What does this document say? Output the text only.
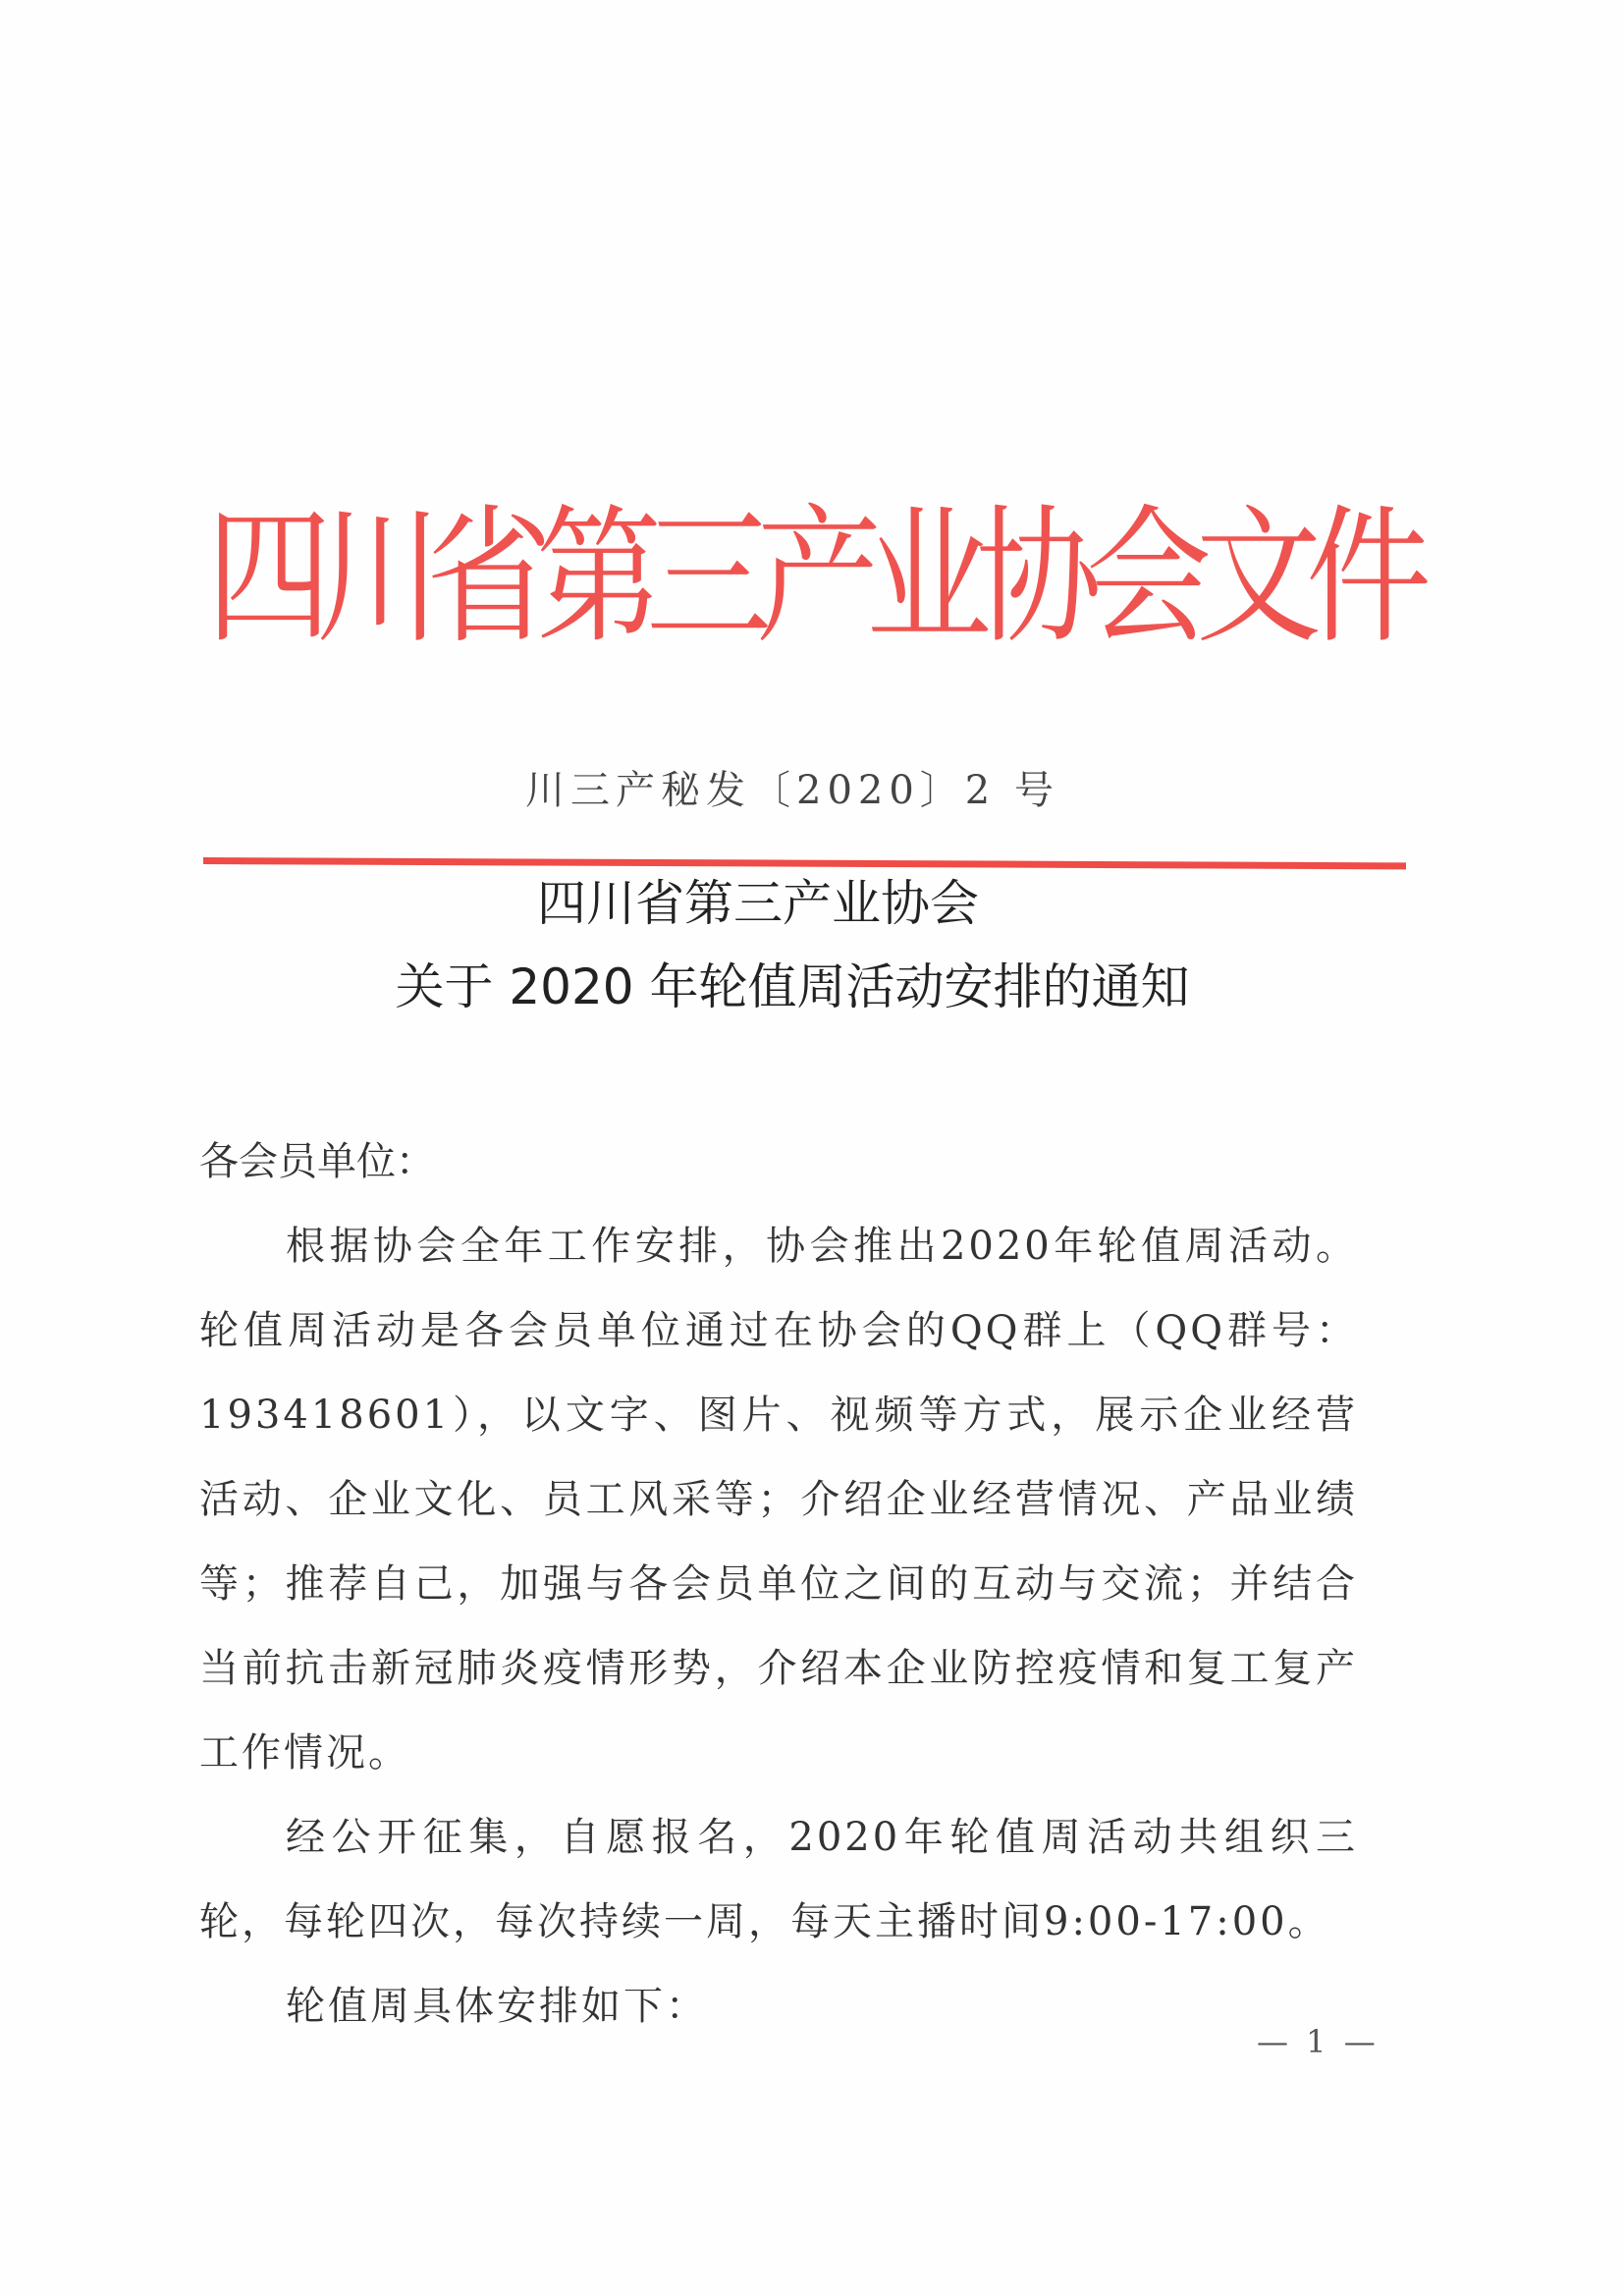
四
川
省
第
三
产
业
协
会
文
件
川三产秘发〔2020〕2 号
四川省第三产业协会
关于 2020 年轮值周活动安排的通知

各会员单位：

根据协会全年工作安排，协会推出2020年轮值周活动。轮值周活动是各会员单位通过在协会的QQ群上（QQ群号：193418601），以文字、图片、视频等方式，展示企业经营活动、企业文化、员工风采等；介绍企业经营情况、产品业绩等；推荐自己，加强与各会员单位之间的互动与交流；并结合当前抗击新冠肺炎疫情形势，介绍本企业防控疫情和复工复产工作情况。

经公开征集，自愿报名，2020年轮值周活动共组织三轮，每轮四次，每次持续一周，每天主播时间9:00-17:00。

轮值周具体安排如下：

— 1 —
